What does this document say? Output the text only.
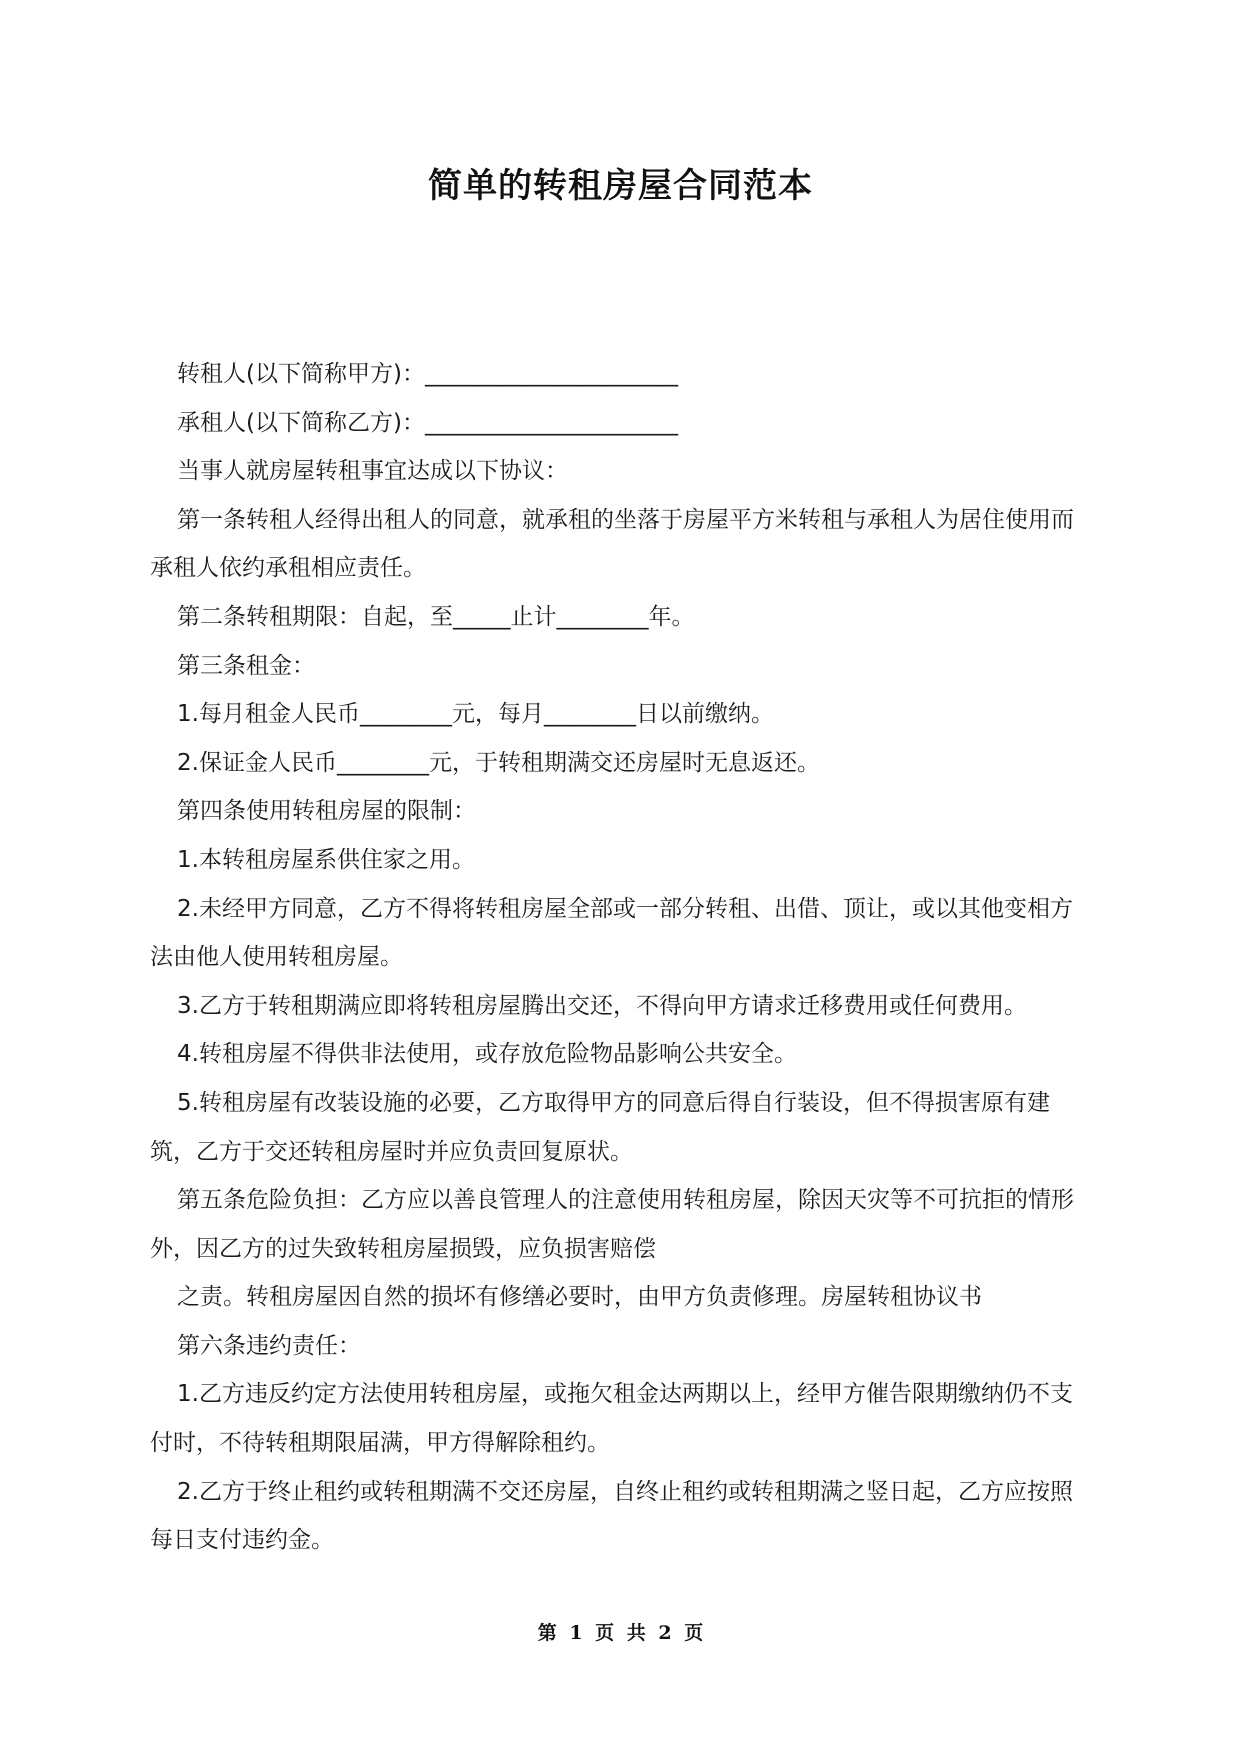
简单的转租房屋合同范本

转租人(以下简称甲方)：______________________

承租人(以下简称乙方)：______________________

当事人就房屋转租事宜达成以下协议：

第一条转租人经得出租人的同意，就承租的坐落于房屋平方米转租与承租人为居住使用而承租人依约承租相应责任。

第二条转租期限：自起，至_____止计________年。

第三条租金：

1.每月租金人民币________元，每月________日以前缴纳。

2.保证金人民币________元，于转租期满交还房屋时无息返还。

第四条使用转租房屋的限制：

1.本转租房屋系供住家之用。

2.未经甲方同意，乙方不得将转租房屋全部或一部分转租、出借、顶让，或以其他变相方法由他人使用转租房屋。

3.乙方于转租期满应即将转租房屋腾出交还，不得向甲方请求迁移费用或任何费用。

4.转租房屋不得供非法使用，或存放危险物品影响公共安全。

5.转租房屋有改装设施的必要，乙方取得甲方的同意后得自行装设，但不得损害原有建筑，乙方于交还转租房屋时并应负责回复原状。

第五条危险负担：乙方应以善良管理人的注意使用转租房屋，除因天灾等不可抗拒的情形外，因乙方的过失致转租房屋损毁，应负损害赔偿

之责。转租房屋因自然的损坏有修缮必要时，由甲方负责修理。房屋转租协议书

第六条违约责任：

1.乙方违反约定方法使用转租房屋，或拖欠租金达两期以上，经甲方催告限期缴纳仍不支付时，不待转租期限届满，甲方得解除租约。

2.乙方于终止租约或转租期满不交还房屋，自终止租约或转租期满之竖日起，乙方应按照每日支付违约金。

第 1 页 共 2 页
